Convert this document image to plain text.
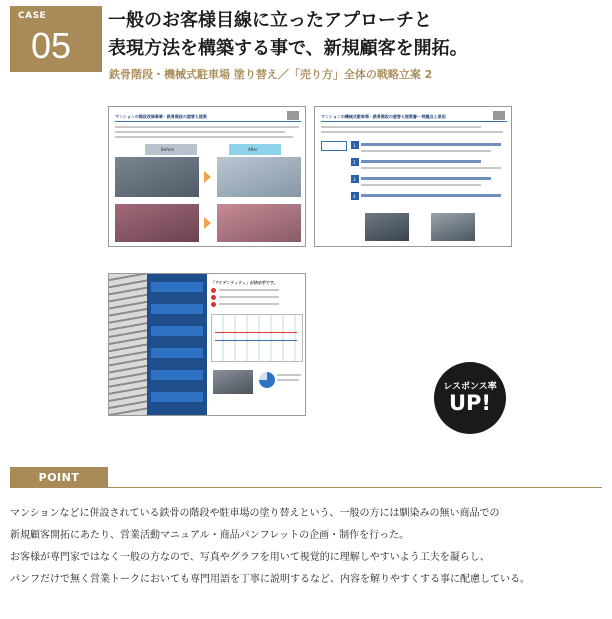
CASE
05
一般のお客様目線に立ったアプローチと
表現方法を構築する事で、新規顧客を開拓。
鉄骨階段・機械式駐車場 塗り替え／「売り方」全体の戦略立案 2
マンションの階段改修事業・鉄骨階段の塗替え提案
Before	After
マンションの機械式駐車場・鉄骨階段の塗替え提案書──問題点と原因
1
2
3
4
「アイデンティティ」が決め手です。
レスポンス率
UP!
POINT
マンションなどに併設されている鉄骨の階段や駐車場の塗り替えという、一般の方には馴染みの無い商品での
新規顧客開拓にあたり、営業活動マニュアル・商品パンフレットの企画・制作を行った。
お客様が専門家ではなく一般の方なので、写真やグラフを用いて視覚的に理解しやすいよう工夫を凝らし、
パンフだけで無く営業トークにおいても専門用語を丁寧に説明するなど、内容を解りやすくする事に配慮している。
